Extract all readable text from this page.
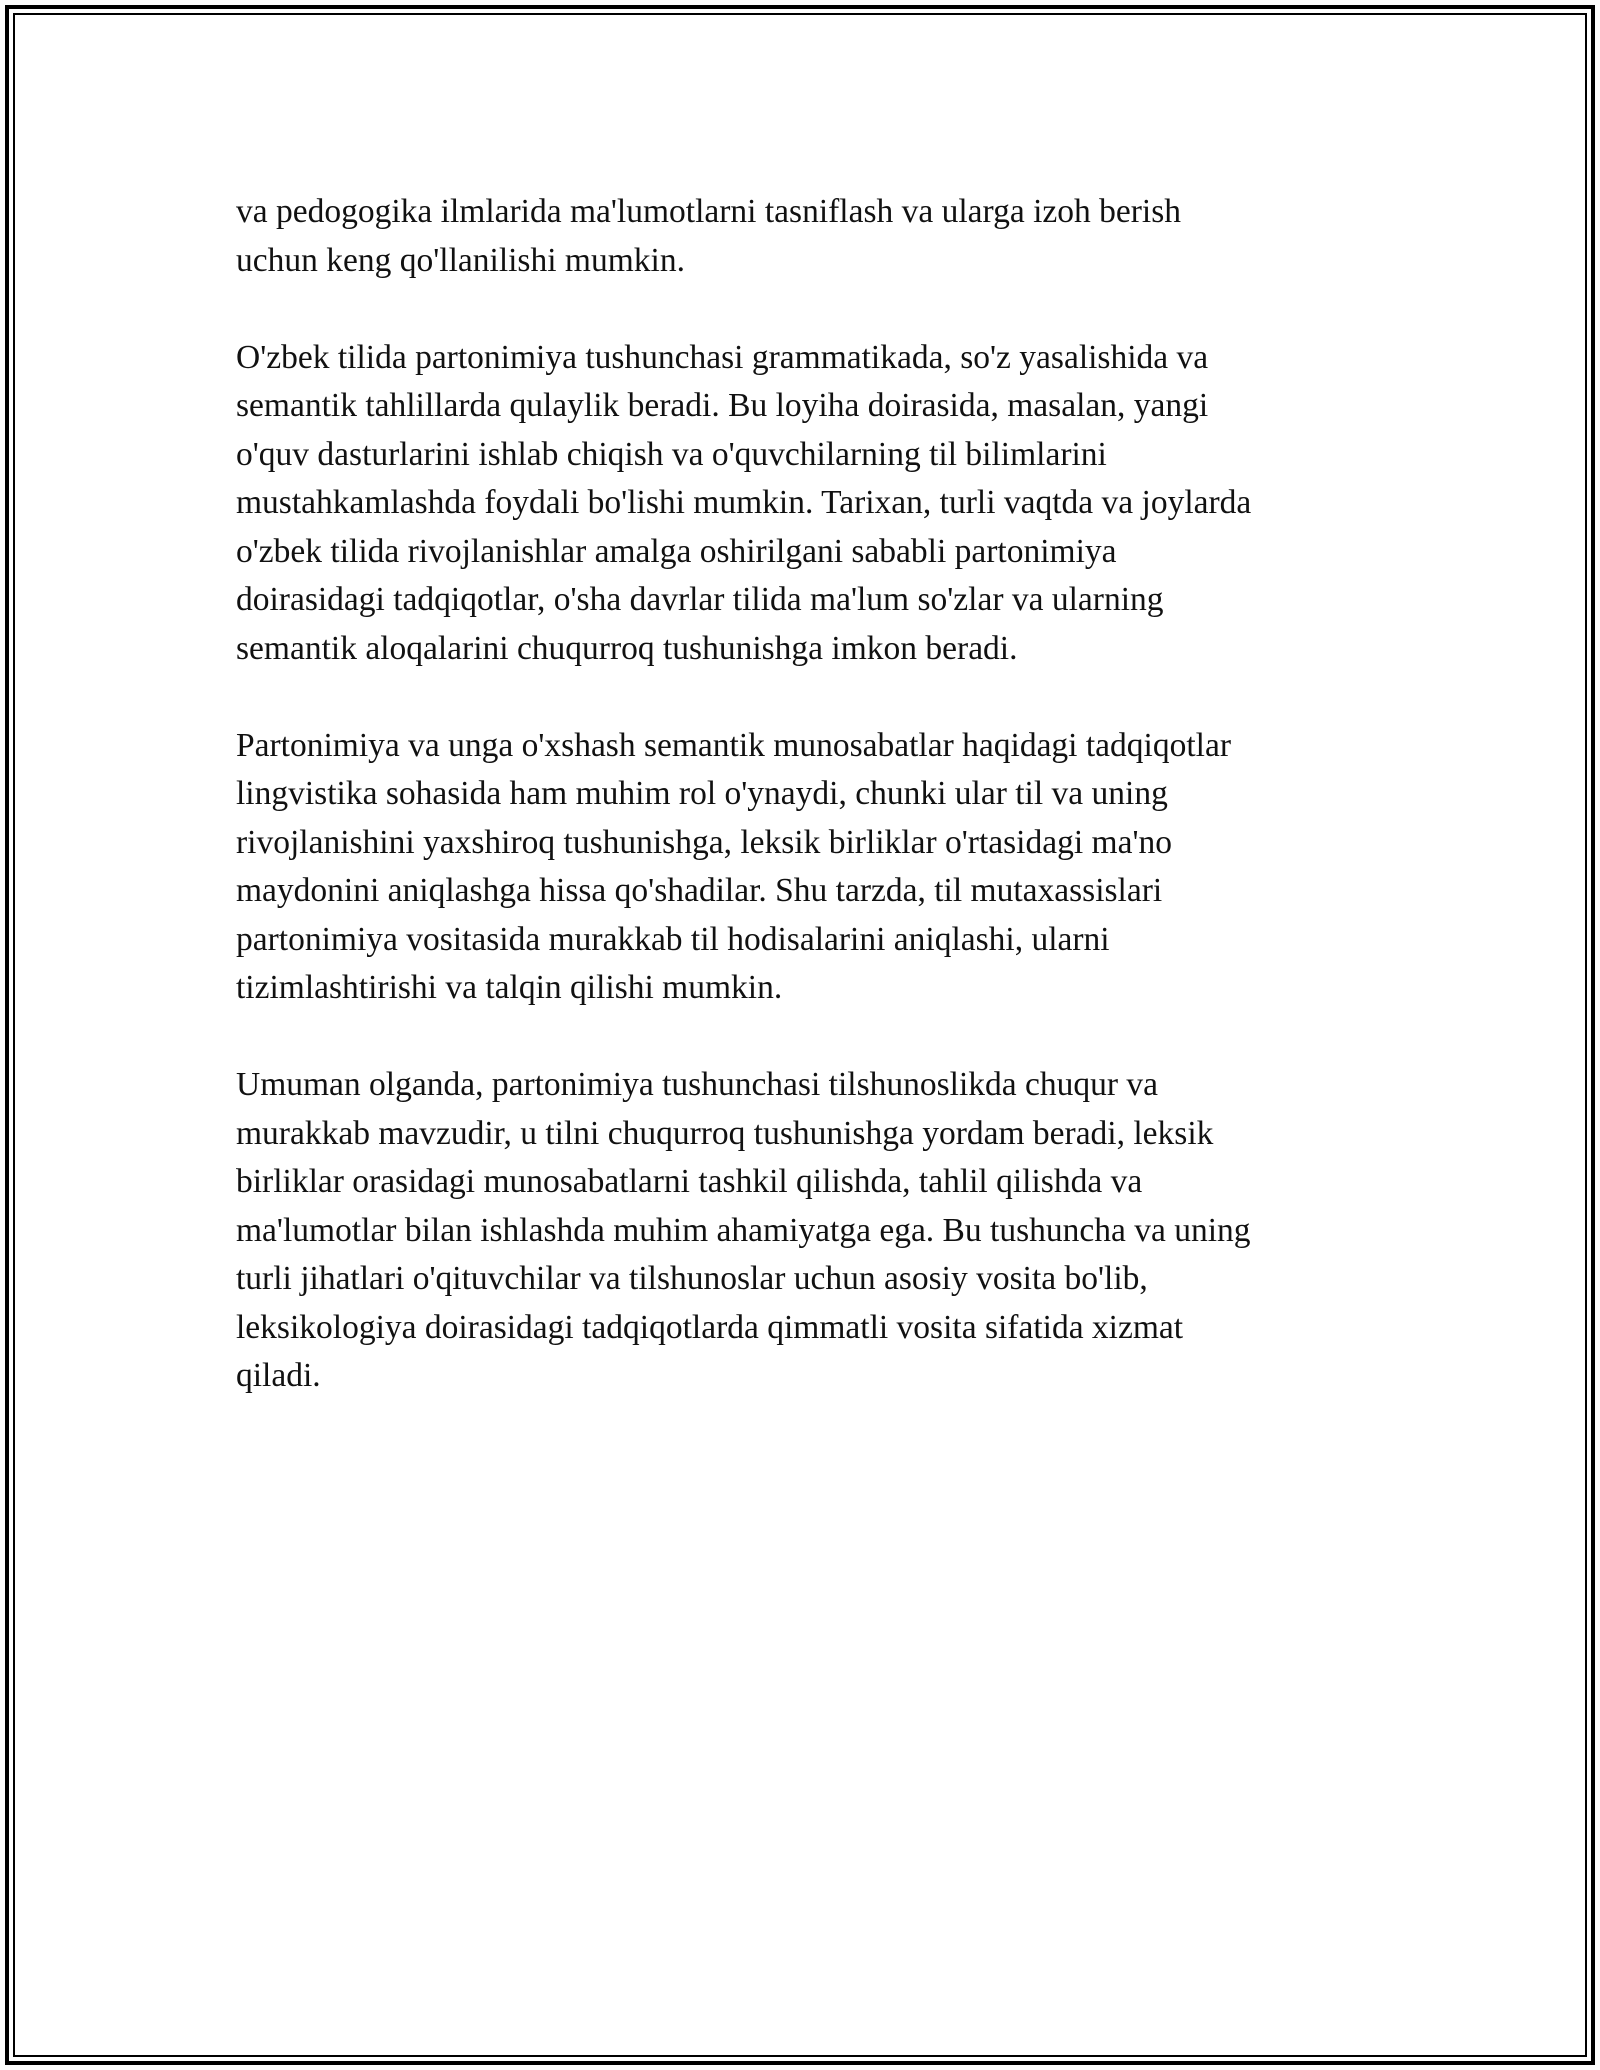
va pedogogika ilmlarida ma'lumotlarni tasniflash va ularga izoh berish
uchun keng qo'llanilishi mumkin.

O'zbek tilida partonimiya tushunchasi grammatikada, so'z yasalishida va
semantik tahlillarda qulaylik beradi. Bu loyiha doirasida, masalan, yangi
o'quv dasturlarini ishlab chiqish va o'quvchilarning til bilimlarini
mustahkamlashda foydali bo'lishi mumkin. Tarixan, turli vaqtda va joylarda
o'zbek tilida rivojlanishlar amalga oshirilgani sababli partonimiya
doirasidagi tadqiqotlar, o'sha davrlar tilida ma'lum so'zlar va ularning
semantik aloqalarini chuqurroq tushunishga imkon beradi.

Partonimiya va unga o'xshash semantik munosabatlar haqidagi tadqiqotlar
lingvistika sohasida ham muhim rol o'ynaydi, chunki ular til va uning
rivojlanishini yaxshiroq tushunishga, leksik birliklar o'rtasidagi ma'no
maydonini aniqlashga hissa qo'shadilar. Shu tarzda, til mutaxassislari
partonimiya vositasida murakkab til hodisalarini aniqlashi, ularni
tizimlashtirishi va talqin qilishi mumkin.

Umuman olganda, partonimiya tushunchasi tilshunoslikda chuqur va
murakkab mavzudir, u tilni chuqurroq tushunishga yordam beradi, leksik
birliklar orasidagi munosabatlarni tashkil qilishda, tahlil qilishda va
ma'lumotlar bilan ishlashda muhim ahamiyatga ega. Bu tushuncha va uning
turli jihatlari o'qituvchilar va tilshunoslar uchun asosiy vosita bo'lib,
leksikologiya doirasidagi tadqiqotlarda qimmatli vosita sifatida xizmat
qiladi.
